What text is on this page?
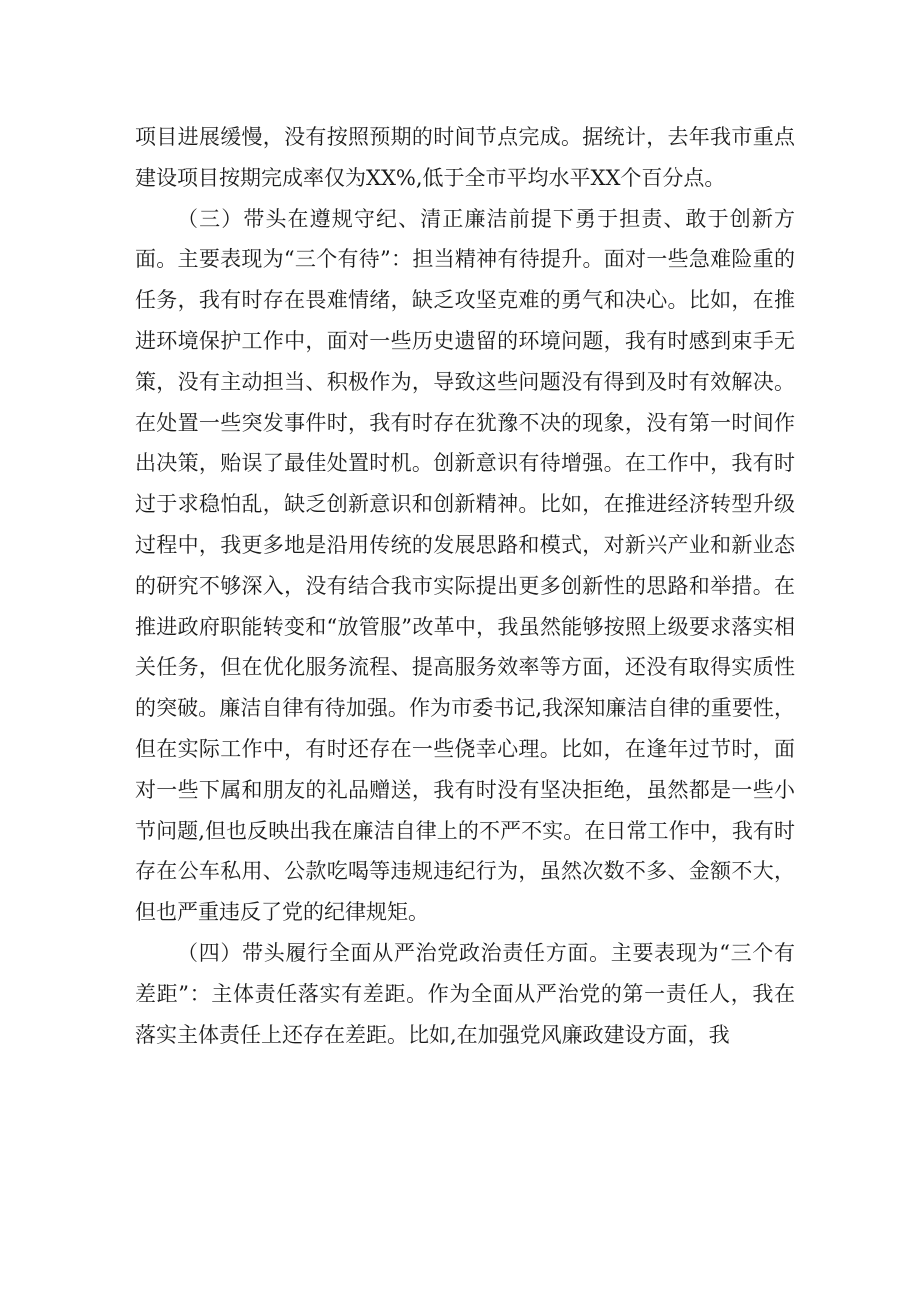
项目进展缓慢，没有按照预期的时间节点完成。据统计，去年我市重点建设项目按期完成率仅为XX%,低于全市平均水平XX个百分点。

（三）带头在遵规守纪、清正廉洁前提下勇于担责、敢于创新方面。主要表现为“三个有待”：担当精神有待提升。面对一些急难险重的任务，我有时存在畏难情绪，缺乏攻坚克难的勇气和决心。比如，在推进环境保护工作中，面对一些历史遗留的环境问题，我有时感到束手无策，没有主动担当、积极作为，导致这些问题没有得到及时有效解决。在处置一些突发事件时，我有时存在犹豫不决的现象，没有第一时间作出决策，贻误了最佳处置时机。创新意识有待增强。在工作中，我有时过于求稳怕乱，缺乏创新意识和创新精神。比如，在推进经济转型升级过程中，我更多地是沿用传统的发展思路和模式，对新兴产业和新业态的研究不够深入，没有结合我市实际提出更多创新性的思路和举措。在推进政府职能转变和“放管服”改革中，我虽然能够按照上级要求落实相关任务，但在优化服务流程、提高服务效率等方面，还没有取得实质性的突破。廉洁自律有待加强。作为市委书记,我深知廉洁自律的重要性，但在实际工作中，有时还存在一些侥幸心理。比如，在逢年过节时，面对一些下属和朋友的礼品赠送，我有时没有坚决拒绝，虽然都是一些小节问题,但也反映出我在廉洁自律上的不严不实。在日常工作中，我有时存在公车私用、公款吃喝等违规违纪行为，虽然次数不多、金额不大，但也严重违反了党的纪律规矩。

（四）带头履行全面从严治党政治责任方面。主要表现为“三个有差距”：主体责任落实有差距。作为全面从严治党的第一责任人，我在落实主体责任上还存在差距。比如,在加强党风廉政建设方面，我
